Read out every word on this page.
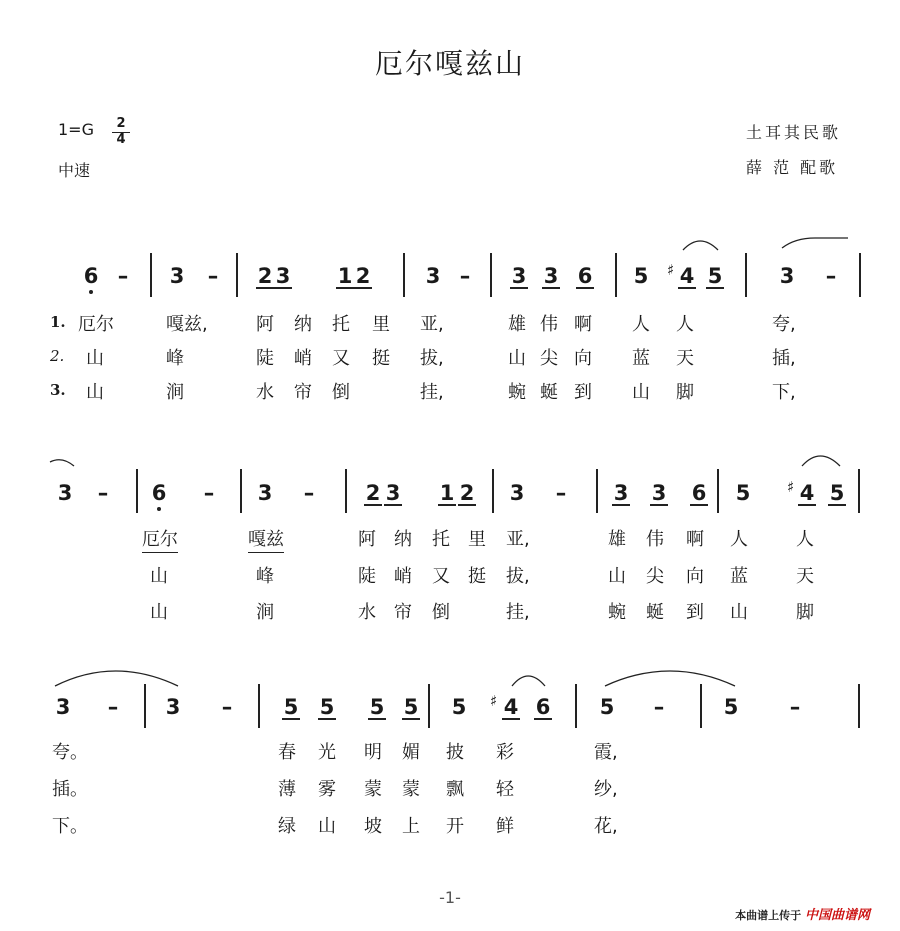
厄尔嘎兹山
1=G	2
4
中速
土耳其民歌
薛 范 配歌
6 – 3 – 2 3 1 2	3 – 3 3 6 5 ♯ 4 5	3 –
1. 厄尔	嘎兹,	阿 纳 托 里 亚,	雄 伟 啊 人 人	夸,
2. 山	峰	陡 峭 又 挺 拔,	山 尖 向 蓝 天	插,
3. 山	涧	水 帘 倒	挂,	蜿 蜒 到 山 脚	下,
3 – 6 – 3 – 2 3 1 2 3 – 3 3 6 5 ♯ 4 5
厄尔	嘎兹	阿 纳 托 里 亚,	雄 伟 啊 人	人
山	峰	陡 峭 又 挺 拔,	山 尖 向 蓝	天
山	涧	水 帘 倒	挂,	蜿 蜒 到 山	脚
3 – 3 – 5 5 5 5 5 ♯ 4 6 5 –	5 –
夸。	春 光 明 媚 披 彩	霞,
插。	薄 雾 蒙 蒙 飘 轻	纱,
下。	绿 山 坡 上 开 鲜	花,
-1-
本曲谱上传于 中国曲谱网
